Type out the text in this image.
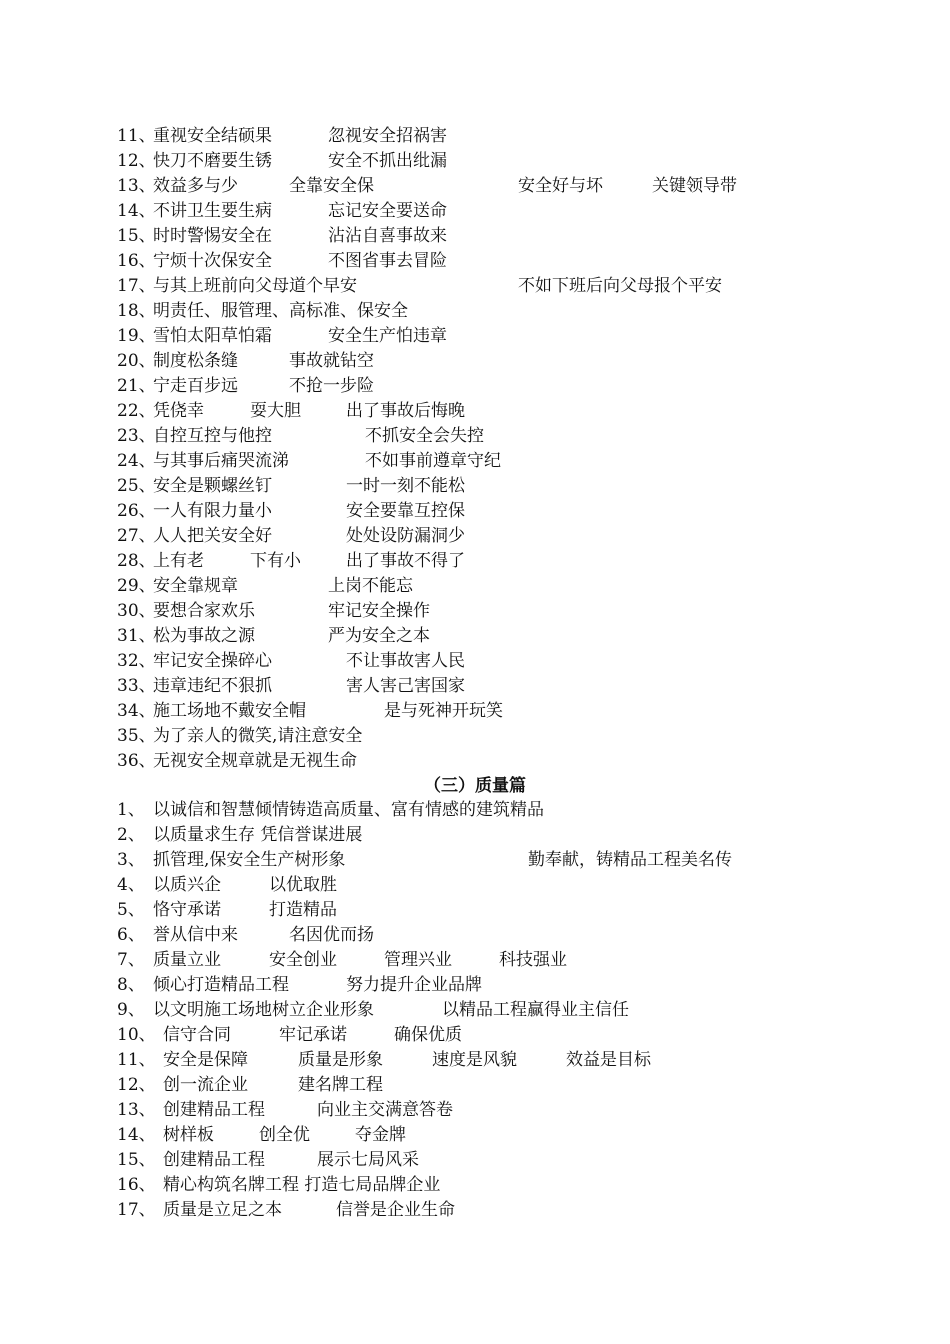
11、
重视安全结硕果	忽视安全招祸害
12、
快刀不磨要生锈	安全不抓出纰漏
13、
效益多与少	全靠安全保	安全好与坏	关键领导带
14、
不讲卫生要生病	忘记安全要送命
15、
时时警惕安全在	沾沾自喜事故来
16、
宁烦十次保安全	不图省事去冒险
17、
与其上班前向父母道个早安	不如下班后向父母报个平安
18、
明责任、服管理、高标准、保安全
19、
雪怕太阳草怕霜	安全生产怕违章
20、
制度松条缝	事故就钻空
21、
宁走百步远	不抢一步险
22、
凭侥幸	耍大胆	出了事故后悔晚
23、
自控互控与他控	不抓安全会失控
24、
与其事后痛哭流涕	不如事前遵章守纪
25、
安全是颗螺丝钉	一时一刻不能松
26、
一人有限力量小	安全要靠互控保
27、
人人把关安全好	处处设防漏洞少
28、
上有老	下有小	出了事故不得了
29、
安全靠规章	上岗不能忘
30、
要想合家欢乐	牢记安全操作
31、
松为事故之源	严为安全之本
32、
牢记安全操碎心	不让事故害人民
33、
违章违纪不狠抓	害人害己害国家
34、
施工场地不戴安全帽	是与死神开玩笑
35、
为了亲人的微笑,请注意安全
36、
无视安全规章就是无视生命
（三）质量篇
1、 以诚信和智慧倾情铸造高质量、富有情感的建筑精品
2、 以质量求生存 凭信誉谋进展
3、 抓管理,保安全生产树形象	勤奉献，铸精品工程美名传
4、 以质兴企	以优取胜
5、 恪守承诺	打造精品
6、 誉从信中来	名因优而扬
7、 质量立业	安全创业	管理兴业	科技强业
8、 倾心打造精品工程	努力提升企业品牌
9、 以文明施工场地树立企业形象	以精品工程赢得业主信任
10、 信守合同	牢记承诺	确保优质
11、 安全是保障	质量是形象	速度是风貌	效益是目标
12、 创一流企业	建名牌工程
13、 创建精品工程	向业主交满意答卷
14、 树样板	创全优	夺金牌
15、 创建精品工程	展示七局风采
16、 精心构筑名牌工程 打造七局品牌企业
17、 质量是立足之本	信誉是企业生命
